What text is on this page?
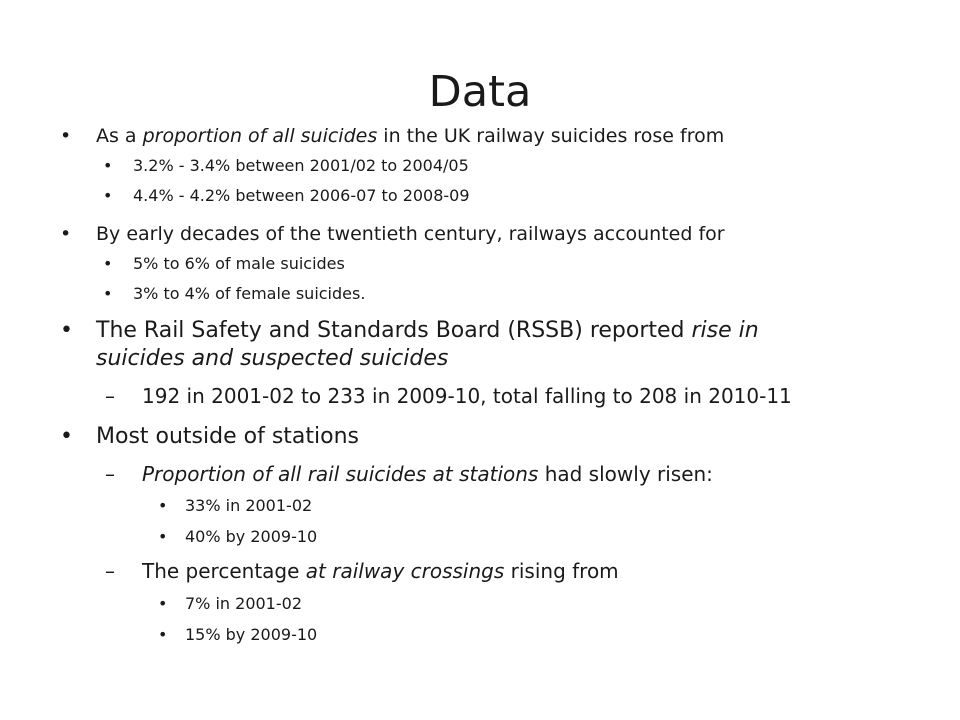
Data
• As a proportion of all suicides in the UK railway suicides rose from
• 3.2% - 3.4% between 2001/02 to 2004/05
• 4.4% - 4.2% between 2006-07 to 2008-09
• By early decades of the twentieth century, railways accounted for
• 5% to 6% of male suicides
• 3% to 4% of female suicides.
• The Rail Safety and Standards Board (RSSB) reported rise in
suicides and suspected suicides
– 192 in 2001-02 to 233 in 2009-10, total falling to 208 in 2010-11
• Most outside of stations
– Proportion of all rail suicides at stations had slowly risen:
• 33% in 2001-02
• 40% by 2009-10
– The percentage at railway crossings rising from
• 7% in 2001-02
• 15% by 2009-10
